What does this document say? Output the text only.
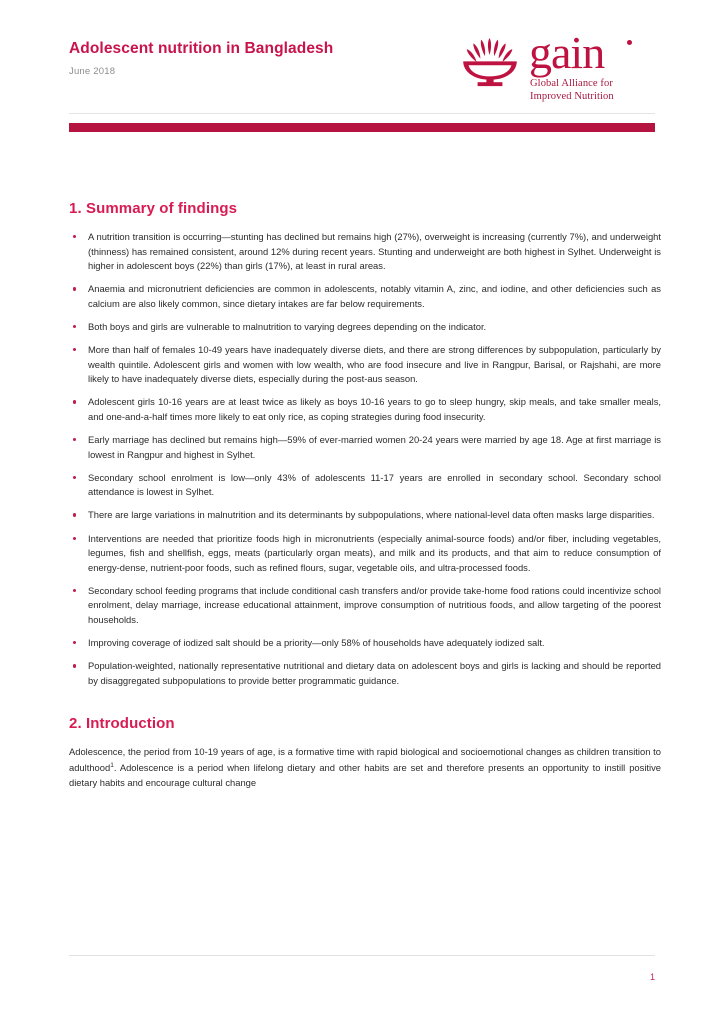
Adolescent nutrition in Bangladesh
June 2018	gain
Global Alliance for
Improved Nutrition
1. Summary of findings
A nutrition transition is occurring—stunting has declined but remains high (27%), overweight is increasing (currently 7%), and underweight (thinness) has remained consistent, around 12% during recent years. Stunting and underweight are both highest in Sylhet. Underweight is higher in adolescent boys (22%) than girls (17%), at least in rural areas.
Anaemia and micronutrient deficiencies are common in adolescents, notably vitamin A, zinc, and iodine, and other deficiencies such as calcium are also likely common, since dietary intakes are far below requirements.
Both boys and girls are vulnerable to malnutrition to varying degrees depending on the indicator.
More than half of females 10-49 years have inadequately diverse diets, and there are strong differences by subpopulation, particularly by wealth quintile. Adolescent girls and women with low wealth, who are food insecure and live in Rangpur, Barisal, or Rajshahi, are more likely to have inadequately diverse diets, especially during the post-aus season.
Adolescent girls 10-16 years are at least twice as likely as boys 10-16 years to go to sleep hungry, skip meals, and take smaller meals, and one-and-a-half times more likely to eat only rice, as coping strategies during food insecurity.
Early marriage has declined but remains high—59% of ever-married women 20-24 years were married by age 18. Age at first marriage is lowest in Rangpur and highest in Sylhet.
Secondary school enrolment is low—only 43% of adolescents 11-17 years are enrolled in secondary school. Secondary school attendance is lowest in Sylhet.
There are large variations in malnutrition and its determinants by subpopulations, where national-level data often masks large disparities.
Interventions are needed that prioritize foods high in micronutrients (especially animal-source foods) and/or fiber, including vegetables, legumes, fish and shellfish, eggs, meats (particularly organ meats), and milk and its products, and that aim to reduce consumption of energy-dense, nutrient-poor foods, such as refined flours, sugar, vegetable oils, and ultra-processed foods.
Secondary school feeding programs that include conditional cash transfers and/or provide take-home food rations could incentivize school enrolment, delay marriage, increase educational attainment, improve consumption of nutritious foods, and allow targeting of the poorest households.
Improving coverage of iodized salt should be a priority—only 58% of households have adequately iodized salt.
Population-weighted, nationally representative nutritional and dietary data on adolescent boys and girls is lacking and should be reported by disaggregated subpopulations to provide better programmatic guidance.
2. Introduction

Adolescence, the period from 10-19 years of age, is a formative time with rapid biological and socioemotional changes as children transition to adulthood$^1$. Adolescence is a period when lifelong dietary and other habits are set and therefore presents an opportunity to instill positive dietary habits and encourage cultural change

1
